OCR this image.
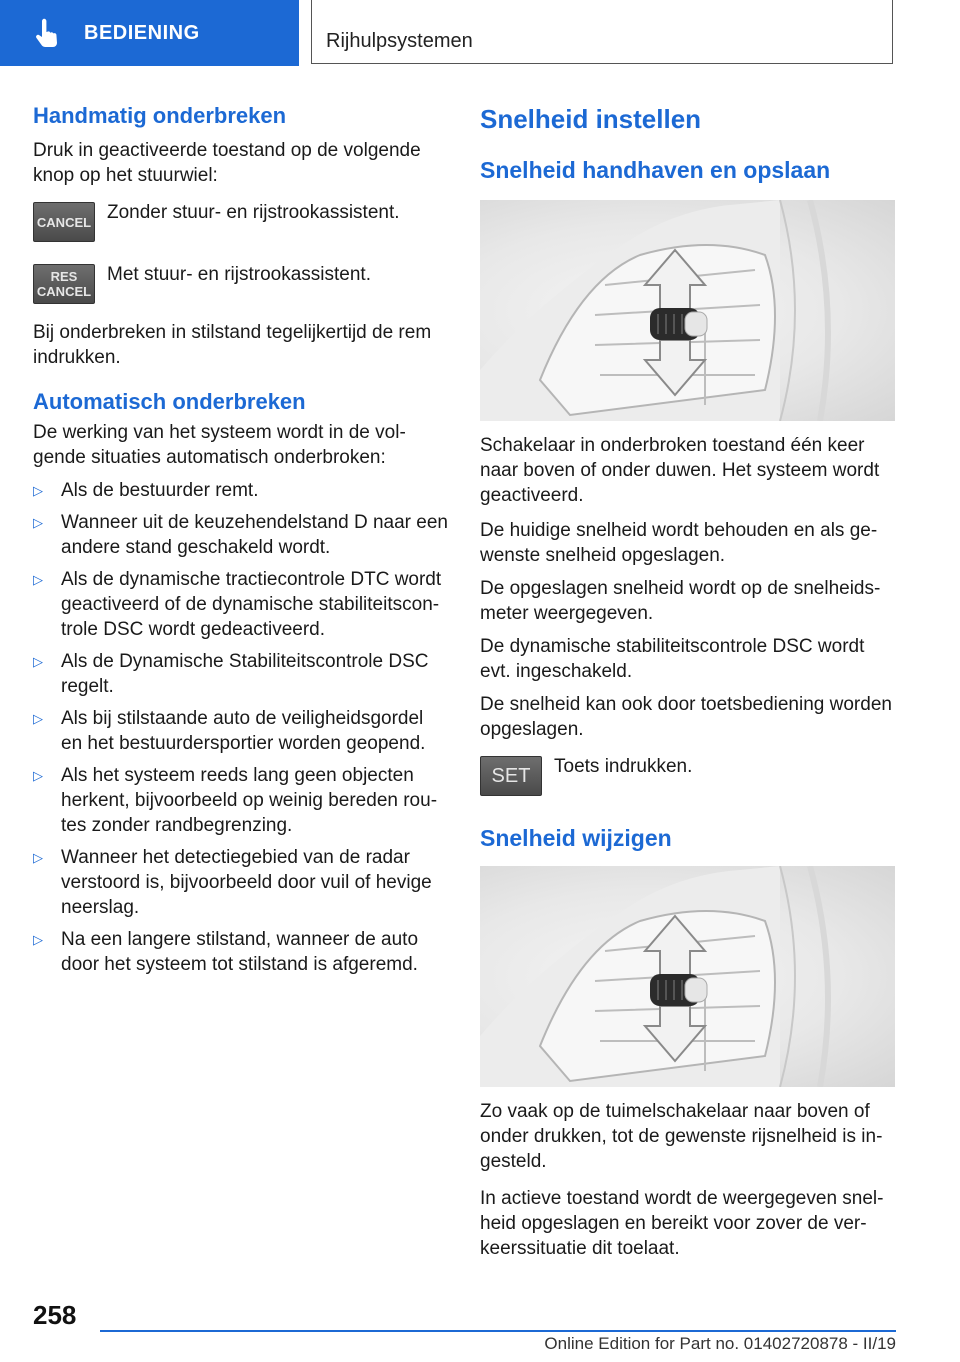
BEDIENING	Rijhulpsystemen
Handmatig onderbreken

Druk in geactiveerde toestand op de volgende knop op het stuurwiel:

CANCEL Zonder stuur- en rijstrookassistent.

RES
CANCEL

Met stuur- en rijstrookassistent.

Bij onderbreken in stilstand tegelijkertijd de rem indrukken.

Automatisch onderbreken

De werking van het systeem wordt in de volgende situaties automatisch onderbroken:

▷ Als de bestuurder remt.
▷ Wanneer uit de keuzehendelstand D naar een andere stand geschakeld wordt.
▷ Als de dynamische tractiecontrole DTC wordt geactiveerd of de dynamische stabiliteitscontrole DSC wordt gedeactiveerd.
▷ Als de Dynamische Stabiliteitscontrole DSC regelt.
▷ Als bij stilstaande auto de veiligheidsgordel en het bestuurdersportier worden geopend.
▷ Als het systeem reeds lang geen objecten herkent, bijvoorbeeld op weinig bereden routes zonder randbegrenzing.
▷ Wanneer het detectiegebied van de radar verstoord is, bijvoorbeeld door vuil of hevige neerslag.
▷ Na een langere stilstand, wanneer de auto door het systeem tot stilstand is afgeremd.
Snelheid instellen
Snelheid handhaven en opslaan

Schakelaar in onderbroken toestand één keer naar boven of onder duwen. Het systeem wordt geactiveerd.

De huidige snelheid wordt behouden en als gewenste snelheid opgeslagen.

De opgeslagen snelheid wordt op de snelheidsmeter weergegeven.

De dynamische stabiliteitscontrole DSC wordt evt. ingeschakeld.

De snelheid kan ook door toetsbediening worden opgeslagen.

SET	Toets indrukken.

Snelheid wijzigen

Zo vaak op de tuimelschakelaar naar boven of onder drukken, tot de gewenste rijsnelheid is ingesteld.

In actieve toestand wordt de weergegeven snelheid opgeslagen en bereikt voor zover de verkeerssituatie dit toelaat.

258
Online Edition for Part no. 01402720878 - II/19
